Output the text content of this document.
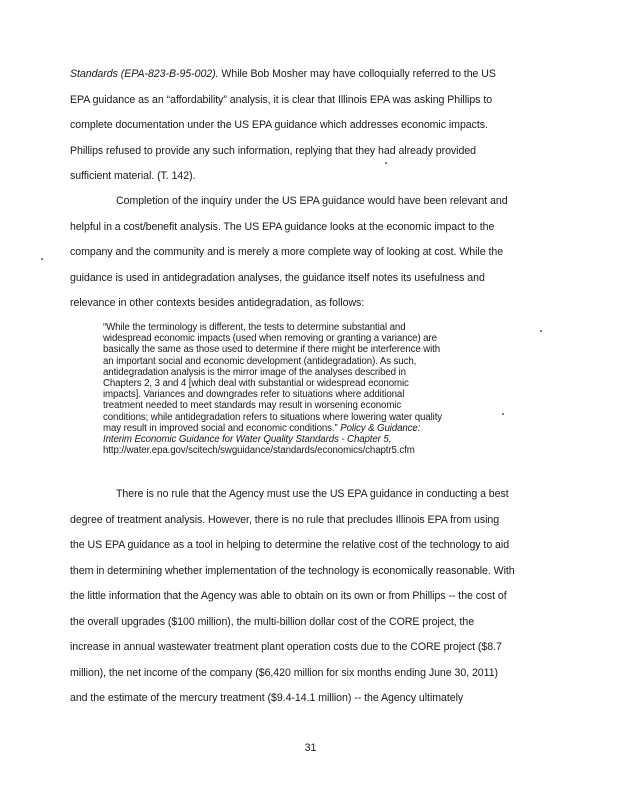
Standards (EPA-823-B-95-002). While Bob Mosher may have colloquially referred to the US
EPA guidance as an “affordability” analysis, it is clear that Illinois EPA was asking Phillips to
complete documentation under the US EPA guidance which addresses economic impacts.
Phillips refused to provide any such information, replying that they had already provided
sufficient material. (T. 142).
Completion of the inquiry under the US EPA guidance would have been relevant and
helpful in a cost/benefit analysis. The US EPA guidance looks at the economic impact to the
company and the community and is merely a more complete way of looking at cost. While the
guidance is used in antidegradation analyses, the guidance itself notes its usefulness and
relevance in other contexts besides antidegradation, as follows:
“While the terminology is different, the tests to determine substantial and
widespread economic impacts (used when removing or granting a variance) are
basically the same as those used to determine if there might be interference with
an important social and economic development (antidegradation). As such,
antidegradation analysis is the mirror image of the analyses described in
Chapters 2, 3 and 4 [which deal with substantial or widespread economic
impacts]. Variances and downgrades refer to situations where additional
treatment needed to meet standards may result in worsening economic
conditions; while antidegradation refers to situations where lowering water quality
may result in improved social and economic conditions.” Policy & Guidance:
Interim Economic Guidance for Water Quality Standards - Chapter 5,
http://water.epa.gov/scitech/swguidance/standards/economics/chaptr5.cfm
There is no rule that the Agency must use the US EPA guidance in conducting a best
degree of treatment analysis. However, there is no rule that precludes Illinois EPA from using
the US EPA guidance as a tool in helping to determine the relative cost of the technology to aid
them in determining whether implementation of the technology is economically reasonable. With
the little information that the Agency was able to obtain on its own or from Phillips -- the cost of
the overall upgrades ($100 million), the multi-billion dollar cost of the CORE project, the
increase in annual wastewater treatment plant operation costs due to the CORE project ($8.7
million), the net income of the company ($6,420 million for six months ending June 30, 2011)
and the estimate of the mercury treatment ($9.4-14.1 million) -- the Agency ultimately
31
